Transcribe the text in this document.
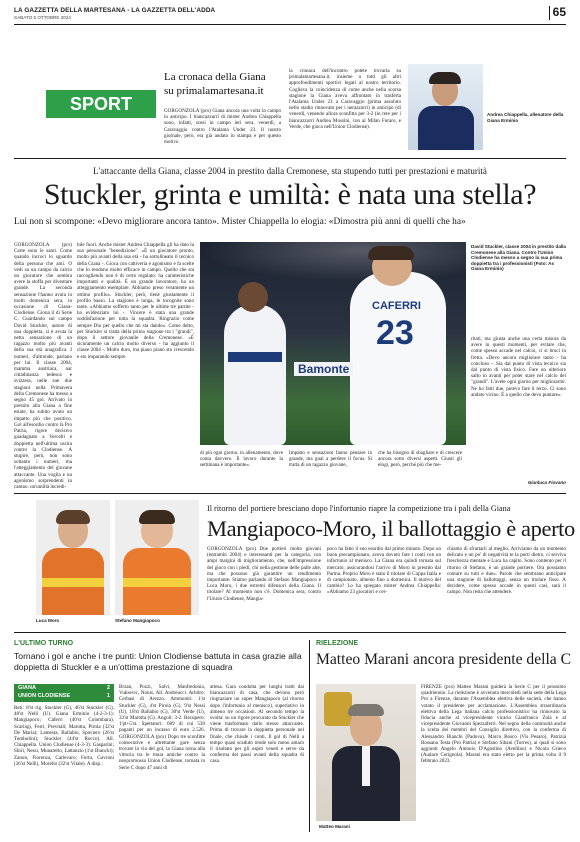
LA GAZZETTA DELLA MARTESANA - LA GAZZETTA DELL'ADDA
SABATO 5 OTTOBRE 2024	65
SPORT
La cronaca della Giana
su primalamartesana.it
GORGONZOLA (pcs) Giana ancora una volta in campo in anticipo. I biancazzurri di mister Andrea Chiappella sono, infatti, scesi in campo ieri sera, venerdì, a Caravaggio contro l'Atalanta Under 23. Il nostro giornale, però, era già andato in stampa e per questo motivo
la cronaca dell'incontro potete trovarla su primalamartesana.it, insieme a tutti gli altri approfondimenti sportivi legati al nostro territorio. Coglieva la coincidenza di come anche nella scorsa stagione la Giana aveva affrontato in trasferta l'Atalanta Under 23 a Caravaggio (prima assoluto nello stadio rinnovato per i nerazzurri) in anticipo (di venerdì, venendo allora sconfitta per 3-2 (in rete per i biancazzurri Andrea Mossini, con al Milan Furaro, e Verde, che gioca nell'Union Clodiense).
Andrea Chiappella, allenatore della Giana Erminio
L'attaccante della Giana, classe 2004 in prestito dalla Cremonese, sta stupendo tutti per prestazioni e maturità
Stuckler, grinta e umiltà: è nata una stella?
Lui non si scompone: «Devo migliorare ancora tanto». Mister Chiappella lo elogia: «Dimostra più anni di quelli che ha»
GORGONZOLA (pcs) Carte sono le santi. Come quando incroci lo sguardo della persona che ami. O vedi su un campo da calcio un giocatore che sembra avere la stoffa per diventare grande. La seconda sensazione l'hanno avuta in molti domenica sera, in occasione di Giana-Clodiense. Giona il di Serie C. Guardando sul campo David Stuckler, autore di una doppietta, si è avuta la netta sensazione di un ragazzo molto più avanti della sua età anagrafica. I numeri, d'altronde, parlano per lui. Il classe 2004, mamma austriaca, nar cittadinanza tedesca e svizzera, nelle sue due stagioni nella Primavera della Cremonese ha messo a segno 45 gol. Arrivato in prestito alla Giana a fine estate, ha subito avuto un impatto più che positivo. Gol all'esordio contro la Pro Patria, rigore decisivo guadagnato a Vercelli e doppietta nell'ultima uscita contro la Clodiense. A stupire, però, non sono soltanto i numeri, ma l'atteggiamento del giovane attaccante. Una voglia e un agonismo sorprendenti in campo, un'umiltà incredi-
bile fuori. Anche mister Andrea Chiappella gli ha dato la sua personale "benedizione". «È un giocatore pronto, molto più avanti della sua età - ha sottolineato il tecnico della Giana -. Gioca con cattiveria e agonismo e fa scelte che lo rendono molto efficace in campo. Quello che sta raccogliendo non è di certo regalato: ha caratteristiche importanti e qualità. È un grande lavoratore, ha un atteggiamento esemplare. Abbiamo preso veramente un ottimo profilo». Stuckler, però, tiene giustamente il profilo basso. La stagione è lunga, le incognite sono tante. «Abbiamo sofferto tanto per le ultime tre partite - ha evidenziato lui -. Vincere è stata una grande soddisfazione per tutta la squadra. Ringrazio come sempre Dio per quello che mi sta dando». Come detto, per Stuckler si tratta della prima stagione tra i "grandi", dopo il settore giovanile della Cremonese. «È sicuramente un calcio molto diverso - ha aggiunto il classe 2004 -. Molto duro, ma piano piano sto crescendo e sto imparando sempre
CAFERRI
23
Bamonte
David Stuckler, classe 2004 in prestito dalla Cremonese alla Giana. Contro l'Union Clodiense ha messo a segno la sua prima doppietta tra i professionisti (Foto: As Giana Erminio)
di più ogni giorno, in allenamento, dove conta davvero. Il lavoro durante la settimana è importante».
Impatto e sensazioni fanno pensare in grande, ma guai a perdere il focus. Si tratta di un ragazzo giovane,
che ha bisogno di sbagliare e di crescere ancora sotto diversi aspetti. Giusti gli elogi, però, perché più che me-
ritati, ma giusta anche una certa misura da avere in questi momenti, per evitare che, come spesso accade nel calcio, ci si bruci in fretta. «Devo ancora migliorare tanto - ha concluso -. Sia dal punto di vista tecnico sia dal punto di vista fisico. Fare un ulteriore salto in avanti per poter stare nel calcio dei "grandi". L'avete ogni giorno per migliorarmi. Ne ho fatti due, potevo fare il terzo. Ci sono andato vicino. È a quello che devo puntare».
Gianluca Fiovano
Luca Moro	Stefano Mangiapoco
Il ritorno del portiere bresciano dopo l'infortunio riapre la competizione tra i pali della Giana
Mangiapoco-Moro, il ballottaggio è aperto
GORGONZOLA (pcs) Due portieri molto giovani (entrambi 2004) e interessanti per la categoria, con ampi margini di miglioramento, che, nell'impressione del gioco con i piedi, chi nella gestione delle palle alte, ma che possono già garantire un rendimento importante. Stiamo parlando di Stefano Mangiapoco e Luca Moro, i due estremi difensori della Giana. Il titolare? Al momento non c'è. Domenica sera, contro l'Union Clodiense, Mangia-
poco ha fatto il suo esordio dal primo minuto. Dopo un buon precampionato, aveva dovuto fare i conti con un infortunio al menisco. La Giana era quindi tornata sul mercato, assicurandosi l'arrivo di Moro in prestito dal Parma. Proprio Moro è stato il titolare di Coppa Italia e di campionato, almeno fino a domenica. Il motivo del cambio? Lo ha spiegato mister Andrea Chiappella: «Abbiamo 23 giocatori e cer-
chiamo di sfruttarli al meglio. Arriviamo da un momento delicato e un po' di negatività te la porti dietro, ci serviva freschezza mentale e Luca ha capito. Sono contento per il ritorno di Stefano, è un grande portiere. Ora possiamo contare su tutti e due». Parole che sembrano anticipare una stagione di ballottaggi, senza un titolare fisso. A decidere, come spesso accade in questi casi, sarà il campo. Non resta che attendere.
L'ULTIMO TURNO
Tornano i gol e anche i tre punti: Union Clodiense battuta in casa grazie alla doppietta di Stuckler e a un'ottima prestazione di squadra
GIANA	2
UNION CLODIENSE	1
Reti: 8'st rig. Stuckler (G), 46'st Stuckler (G), 48'st Nelli (U). Giana Erminio (4-2-3-1): Mangiapoco; Caferri (40'st Colombara), Scaringi, Ferri, Previtali; Marotta, Pirola (32'st De Maria); Lamesta, Ballabio, Spaviero (26'st Tombolini); Stuckler (44'st Rocco). All. Chiappella. Union Clodiense (4-3-3): Gasparini; Shiri, Nessi, Munaretto, Lattanzio (1'st Bianchi); Zanon, Fiorenza, Carlevaro; Fortu, Gavroni (36'st Nelli), Morello (32'st Vitale). A disp.:
Brzan, Pozzi, Salvi, Manfredonia, Vuksevic, Nonis. All. Andreucci. Arbitro: Cerbasi di Arezzo. Ammoniti: 1'st Stuckler (G), 4'st Pirola (G), 9'st Nessi (U), 18'st Ballabio (G), 30'st Verde (U), 33'st Marotta (G). Angoli: 3-2. Recupero: 1'pt+5'st. Spettatori: 689 di cui 530 paganti per un incasso di euro 2.526. GORGONZOLA (pcs) Dopo tre sconfitte consecutive e altrettante gare senza trovare la via del gol, la Giana torna alla vittoria tra le mura amiche contro la neopromossa Union Clodiense, tornata in Serie C dopo 47 anni di
attesa. Gara condotta per lunghi tratti dai biancazzurri di casa, che devono però ringraziare un super Mangiapoco (al ritorno dopo l'infortunio al menisco), superlativo in almeno tre occasioni. Al secondo tempo la svolta: su un rigore procurato da Stuckler che viene trasformato dallo stesso attaccante. Prima di trovare la doppietta personale nel finale, che chiude i conti. Il gol di Nelli a tempo quasi scaduto rende solo meno amaro il risultato per gli ospiti veneti e serve da conferma dei passi avanti della squadra di casa.
RIELEZIONE
Matteo Marani ancora presidente della C
Matteo Marani
FIRENZE (pcs) Matteo Marani guiderà la Serie C per il prossimo quadriennio. La rielezione è avvenuta mercoledì nella sede della Lega Pro a Firenze, durante l'Assemblea elettiva delle società, che hanno votato il presidente per acclamazione. L'Assemblea straordinaria elettiva della Lega italiana calcio professionistico ha rinnovato la fiducia anche al vicepresidente vicario Gianfranco Zola e al vicepresidente Giovanni Spezzaferri. Nel segno della continuità anche la scelta dei membri del Consiglio direttivo, con la conferma di Alessandro Bianchi (Padova), Marco Bosco (Vis Pesaro), Patrizia Rossana Testa (Pro Patria) e Stefano Sibani (Torres), ai quali si sono aggiunti Angelo Antonio D'Agostino (Avellino) e Nicola Grieco (Audace Cerignola). Marani era stato eletto per la prima volta il 9 febbraio 2023.
